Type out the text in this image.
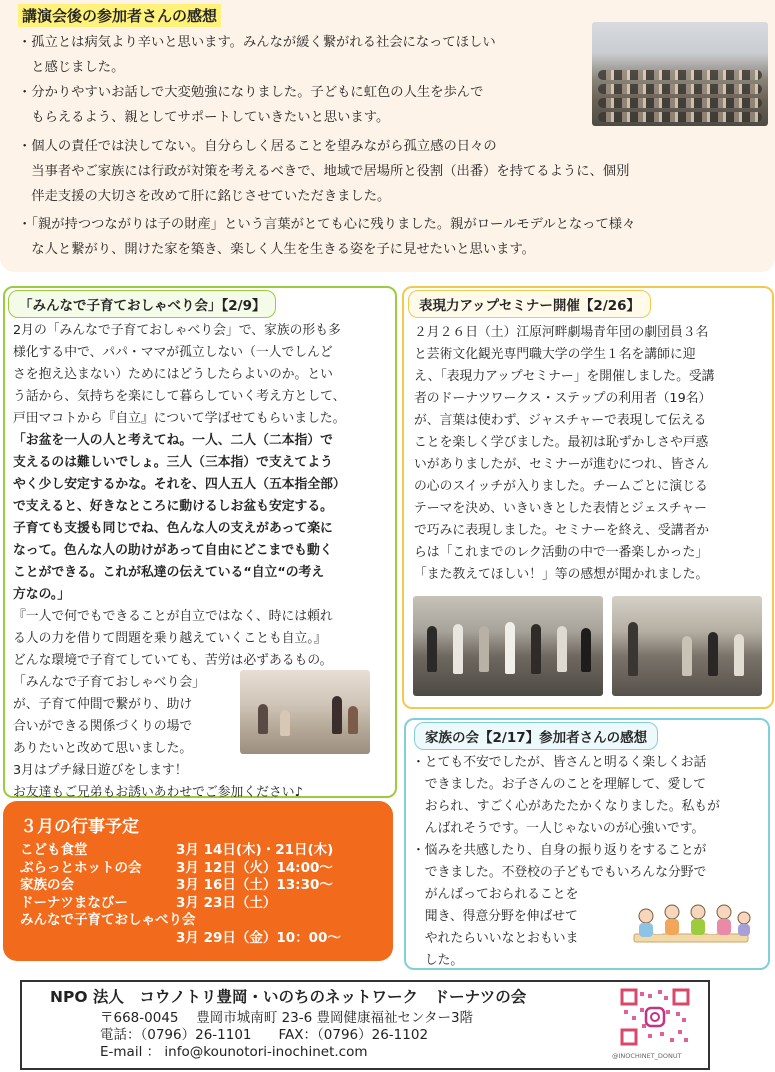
講演会後の参加者さんの感想

・孤立とは病気より辛いと思います。みんなが緩く繋がれる社会になってほしい

　と感じました。

・分かりやすいお話しで大変勉強になりました。子どもに虹色の人生を歩んで

　もらえるよう、親としてサポートしていきたいと思います。

・個人の責任では決してない。自分らしく居ることを望みながら孤立感の日々の

　当事者やご家族には行政が対策を考えるべきで、地域で居場所と役割（出番）を持てるように、個別

　伴走支援の大切さを改めて肝に銘じさせていただきました。

・「親が持つつながりは子の財産」という言葉がとても心に残りました。親がロールモデルとなって様々

　な人と繋がり、開けた家を築き、楽しく人生を生きる姿を子に見せたいと思います。

「みんなで子育ておしゃべり会」【2/9】

2月の「みんなで子育ておしゃべり会」で、家族の形も多

様化する中で、パパ・ママが孤立しない（一人でしんど

さを抱え込まない）ためにはどうしたらよいのか。とい

う話から、気持ちを楽にして暮らしていく考え方として、

戸田マコトから『自立』について学ばせてもらいました。

「お盆を一人の人と考えてね。一人、二人（二本指）で

支えるのは難しいでしょ。三人（三本指）で支えてよう

やく少し安定するかな。それを、四人五人（五本指全部）

で支えると、好きなところに動けるしお盆も安定する。

子育ても支援も同じでね、色んな人の支えがあって楽に

なって。色んな人の助けがあって自由にどこまでも動く

ことができる。これが私達の伝えている“自立“の考え

方なの。」

『一人で何でもできることが自立ではなく、時には頼れ

る人の力を借りて問題を乗り越えていくことも自立。』

どんな環境で子育てしていても、苦労は必ずあるもの。

「みんなで子育ておしゃべり会」

が、子育て仲間で繋がり、助け

合いができる関係づくりの場で

ありたいと改めて思いました。

3月はプチ縁日遊びをします！

お友達もご兄弟もお誘いあわせでご参加ください♪

表現力アップセミナー開催【2/26】

２月２６日（土）江原河畔劇場青年団の劇団員３名

と芸術文化観光専門職大学の学生１名を講師に迎

え、「表現力アップセミナー」を開催しました。受講

者のドーナツワークス・ステップの利用者（19名）

が、言葉は使わず、ジャスチャーで表現して伝える

ことを楽しく学びました。最初は恥ずかしさや戸惑

いがありましたが、セミナーが進むにつれ、皆さん

の心のスイッチが入りました。チームごとに演じる

テーマを決め、いきいきとした表情とジェスチャー

で巧みに表現しました。セミナーを終え、受講者か

らは「これまでのレク活動の中で一番楽しかった」

「また教えてほしい！」等の感想が聞かれました。

家族の会【2/17】参加者さんの感想

・とても不安でしたが、皆さんと明るく楽しくお話

　できました。お子さんのことを理解して、愛して

　おられ、すごく心があたたかくなりました。私もが

　んばれそうです。一人じゃないのが心強いです。

・悩みを共感したり、自身の振り返りをすることが

　できました。不登校の子どもでもいろんな分野で

　がんばっておられることを

　聞き、得意分野を伸ばせて

　やれたらいいなとおもいま

　した。

３月の行事予定

こども食堂

ぶらっとホットの会

家族の会

ドーナツまなびー

みんなで子育ておしゃべり会

3月 14日(木)・21日(木)

3月 12日（火）14:00～

3月 16日（土）13:30～

3月 23日（土）

3月 29日（金）10：00～

NPO 法人　コウノトリ豊岡・いのちのネットワーク　ドーナツの会
〒668-0045　 豊岡市城南町 23-6 豊岡健康福祉センター3階
電話：（0796）26-1101　　FAX：（0796）26-1102
E-mail ： info@kounotori-inochinet.com	@INOCHINET_DONUT
